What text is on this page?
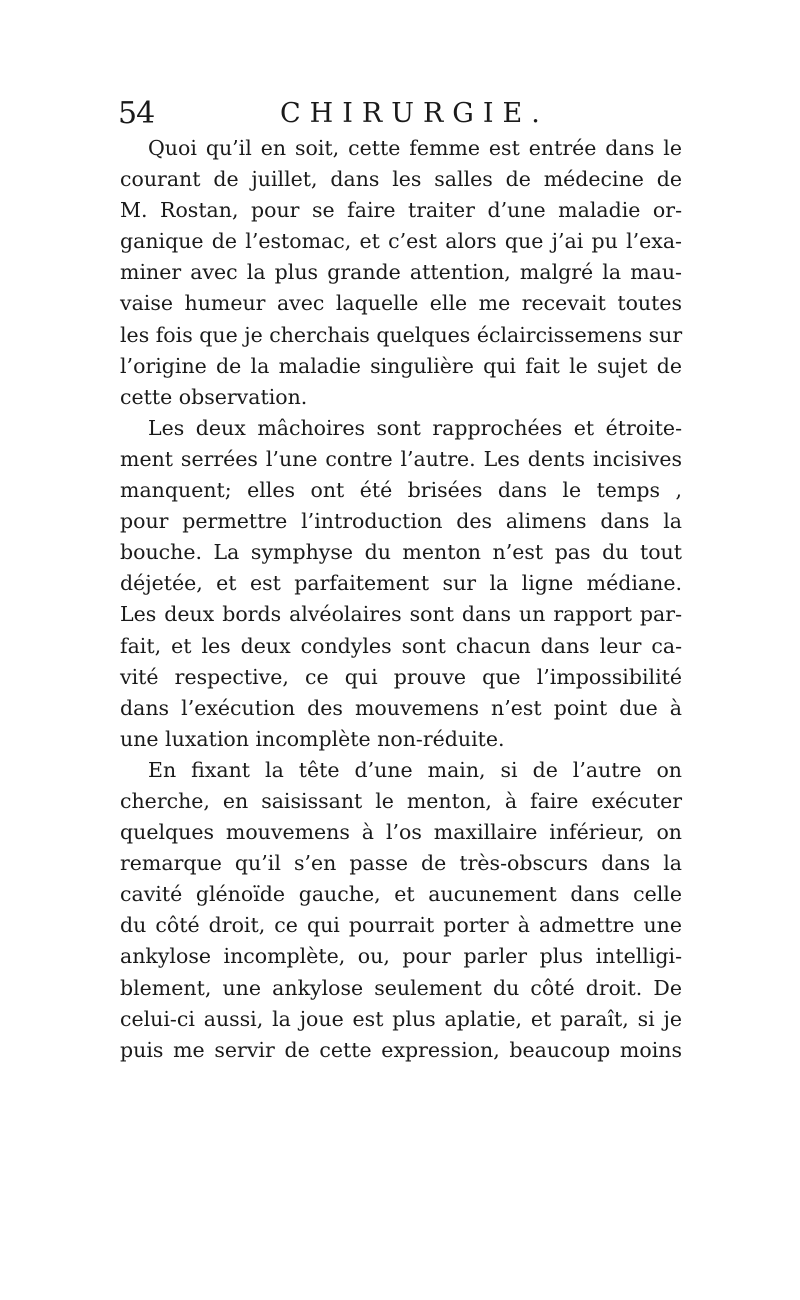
54	CHIRURGIE.
Quoi qu’il en soit, cette femme est entrée dans le
courant de juillet, dans les salles de médecine de
M. Rostan, pour se faire traiter d’une maladie or-
ganique de l’estomac, et c’est alors que j’ai pu l’exa-
miner avec la plus grande attention, malgré la mau-
vaise humeur avec laquelle elle me recevait toutes
les fois que je cherchais quelques éclaircissemens sur
l’origine de la maladie singulière qui fait le sujet de
cette observation.
Les deux mâchoires sont rapprochées et étroite-
ment serrées l’une contre l’autre. Les dents incisives
manquent; elles ont été brisées dans le temps ,
pour permettre l’introduction des alimens dans la
bouche. La symphyse du menton n’est pas du tout
déjetée, et est parfaitement sur la ligne médiane.
Les deux bords alvéolaires sont dans un rapport par-
fait, et les deux condyles sont chacun dans leur ca-
vité respective, ce qui prouve que l’impossibilité
dans l’exécution des mouvemens n’est point due à
une luxation incomplète non-réduite.
En fixant la tête d’une main, si de l’autre on
cherche, en saisissant le menton, à faire exécuter
quelques mouvemens à l’os maxillaire inférieur, on
remarque qu’il s’en passe de très-obscurs dans la
cavité glénoïde gauche, et aucunement dans celle
du côté droit, ce qui pourrait porter à admettre une
ankylose incomplète, ou, pour parler plus intelligi-
blement, une ankylose seulement du côté droit. De
celui-ci aussi, la joue est plus aplatie, et paraît, si je
puis me servir de cette expression, beaucoup moins
